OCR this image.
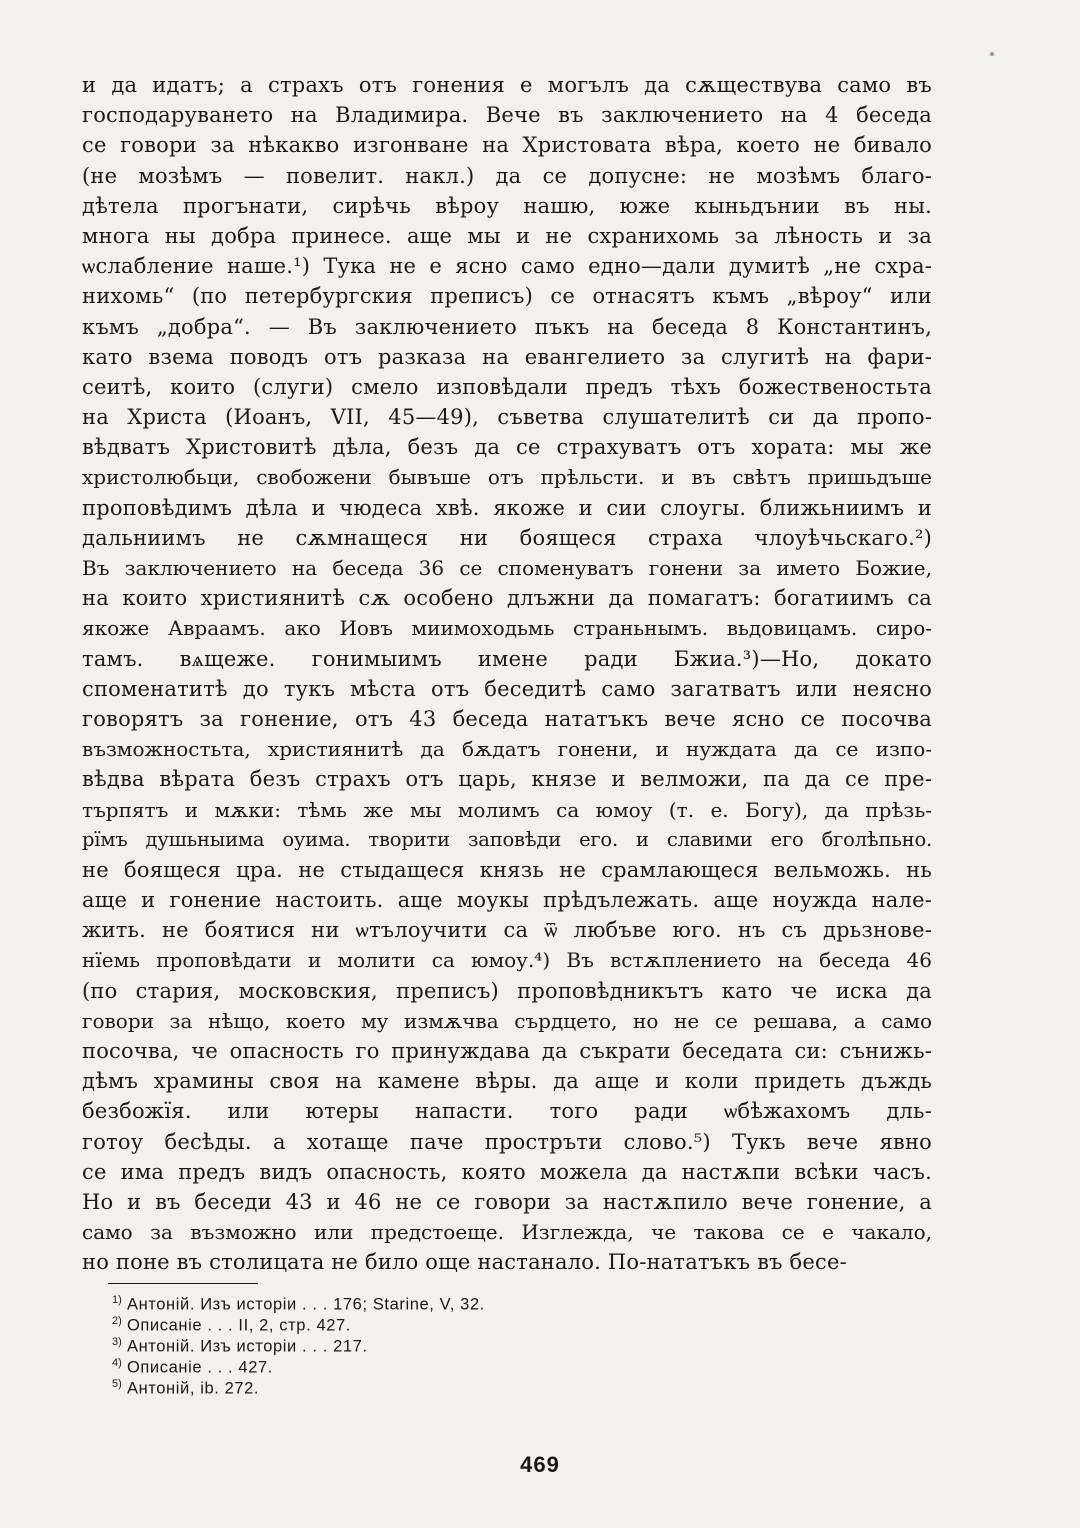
и да идатъ; а страхъ отъ гонения е могълъ да сѫществува само въ
господаруването на Владимира. Вече въ заключението на 4 беседа
се говори за нѣкакво изгонване на Христовата вѣра, което не бивало
(не мозѣмъ — повелит. накл.) да се допусне: не мозѣмъ благо-
дѣтела прогънати, сирѣчь вѣроу нашю, юже кыньдънии въ ны.
многа ны добра принесе. аще мы и не схранихомь за лѣность и за
ѡслабление наше.¹) Тука не е ясно само едно—дали думитѣ „не схра-
нихомь“ (по петербургския преписъ) се отнасятъ къмъ „вѣроу“ или
къмъ „добра“. — Въ заключението пъкъ на беседа 8 Константинъ,
като взема поводъ отъ разказа на евангелието за слугитѣ на фари-
сеитѣ, които (слуги) смело изповѣдали предъ тѣхъ божественостьта
на Христа (Иоанъ, VII, 45—49), съветва слушателитѣ си да пропо-
вѣдватъ Христовитѣ дѣла, безъ да се страхуватъ отъ хората: мы же
христолюбьци, свобожени бывъше отъ прѣльсти. и въ свѣтъ пришьдъше
проповѣдимъ дѣла и чюдеса хвѣ. якоже и сии слоугы. ближьниимъ и
дальниимъ не сѫмнащеся ни боящеся страха члоуѣчьскаго.²)
Въ заключението на беседа 36 се споменуватъ гонени за името Божие,
на които християнитѣ сѫ особено длъжни да помагатъ: богатиимъ са
якоже Авраамъ. ако Иовъ миимоходьмь страньнымъ. вьдовицамъ. сиро-
тамъ. вѧщеже. гонимыимъ имене ради Бжиа.³)—Но, докато
споменатитѣ до тукъ мѣста отъ беседитѣ само загатватъ или неясно
говорятъ за гонение, отъ 43 беседа нататъкъ вече ясно се посочва
възможностьта, християнитѣ да бѫдатъ гонени, и нуждата да се изпо-
вѣдва вѣрата безъ страхъ отъ царь, князе и велможи, па да се пре-
търпятъ и мѫки: тѣмь же мы молимъ са юмоу (т. е. Богу), да прѣзь-
рїмъ душьныима оуима. творити заповѣди его. и славими его бголѣпьно.
не боящеся цра. не стыдащеся князь не срамлающеся вельможь. нь
аще и гонение настоить. аще моукы прѣдълежать. аще ноужда нале-
жить. не боятися ни ѡтълоучити са ѿ любъве юго. нъ съ дрьзнове-
нїемь проповѣдати и молити са юмоу.⁴) Въ встѫплението на беседа 46
(по стария, московския, преписъ) проповѣдникътъ като че иска да
говори за нѣщо, което му измѫчва сърдцето, но не се решава, а само
посочва, че опасность го принуждава да съкрати беседата си: сънижь-
дѣмъ храмины своя на камене вѣры. да аще и коли придеть дъждь
безбожїя. или ютеры напасти. того ради ѡбѣжахомъ дль-
готоу бесѣды. а хотаще паче простръти слово.⁵) Тукъ вече явно
се има предъ видъ опасность, която можела да настѫпи всѣки часъ.
Но и въ беседи 43 и 46 не се говори за настѫпило вече гонение, а
само за възможно или предстоеще. Изглежда, че такова се е чакало,
но поне въ столицата не било още настанало. По-нататъкъ въ бесе-
$^{1)}$ Антоній. Изъ исторіи . . . 176; Starine, V, 32.
$^{2)}$ Описаніе . . . II, 2, стр. 427.
$^{3)}$ Антоній. Изъ исторіи . . . 217.
$^{4)}$ Описаніе . . . 427.
$^{5)}$ Антоній, ib. 272.
469
